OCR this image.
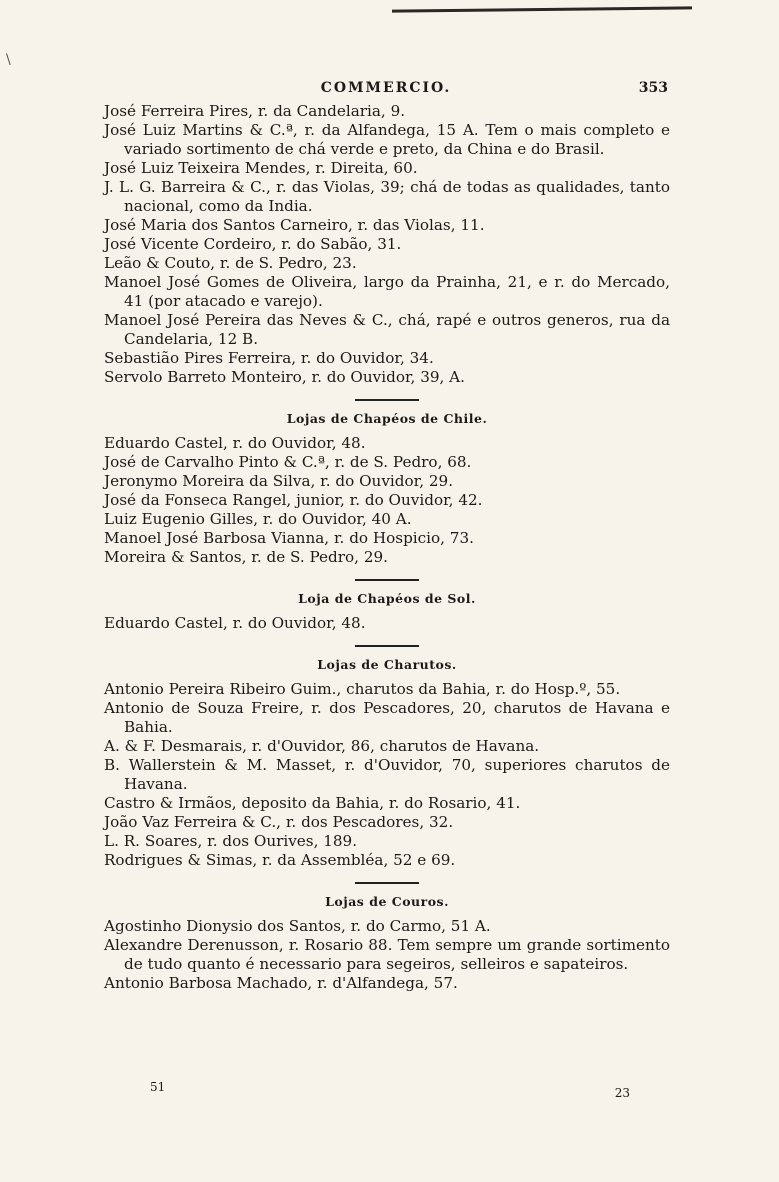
\
COMMERCIO.	353

José Ferreira Pires, r. da Candelaria, 9.

José Luiz Martins & C.ª, r. da Alfandega, 15 A. Tem o mais completo e variado sortimento de chá verde e preto, da China e do Brasil.

José Luiz Teixeira Mendes, r. Direita, 60.

J. L. G. Barreira & C., r. das Violas, 39; chá de todas as qualidades, tanto nacional, como da India.

José Maria dos Santos Carneiro, r. das Violas, 11.

José Vicente Cordeiro, r. do Sabão, 31.

Leão & Couto, r. de S. Pedro, 23.

Manoel José Gomes de Oliveira, largo da Prainha, 21, e r. do Mercado, 41 (por atacado e varejo).

Manoel José Pereira das Neves & C., chá, rapé e outros generos, rua da Candelaria, 12 B.

Sebastião Pires Ferreira, r. do Ouvidor, 34.

Servolo Barreto Monteiro, r. do Ouvidor, 39, A.

Lojas de Chapéos de Chile.

Eduardo Castel, r. do Ouvidor, 48.

José de Carvalho Pinto & C.ª, r. de S. Pedro, 68.

Jeronymo Moreira da Silva, r. do Ouvidor, 29.

José da Fonseca Rangel, junior, r. do Ouvidor, 42.

Luiz Eugenio Gilles, r. do Ouvidor, 40 A.

Manoel José Barbosa Vianna, r. do Hospicio, 73.

Moreira & Santos, r. de S. Pedro, 29.

Loja de Chapéos de Sol.

Eduardo Castel, r. do Ouvidor, 48.

Lojas de Charutos.

Antonio Pereira Ribeiro Guim., charutos da Bahia, r. do Hosp.º, 55.

Antonio de Souza Freire, r. dos Pescadores, 20, charutos de Havana e Bahia.

A. & F. Desmarais, r. d'Ouvidor, 86, charutos de Havana.

B. Wallerstein & M. Masset, r. d'Ouvidor, 70, superiores charutos de Havana.

Castro & Irmãos, deposito da Bahia, r. do Rosario, 41.

João Vaz Ferreira & C., r. dos Pescadores, 32.

L. R. Soares, r. dos Ourives, 189.

Rodrigues & Simas, r. da Assembléa, 52 e 69.

Lojas de Couros.

Agostinho Dionysio dos Santos, r. do Carmo, 51 A.

Alexandre Derenusson, r. Rosario 88. Tem sempre um grande sortimento de tudo quanto é necessario para segeiros, selleiros e sapateiros.

Antonio Barbosa Machado, r. d'Alfandega, 57.

51	23
